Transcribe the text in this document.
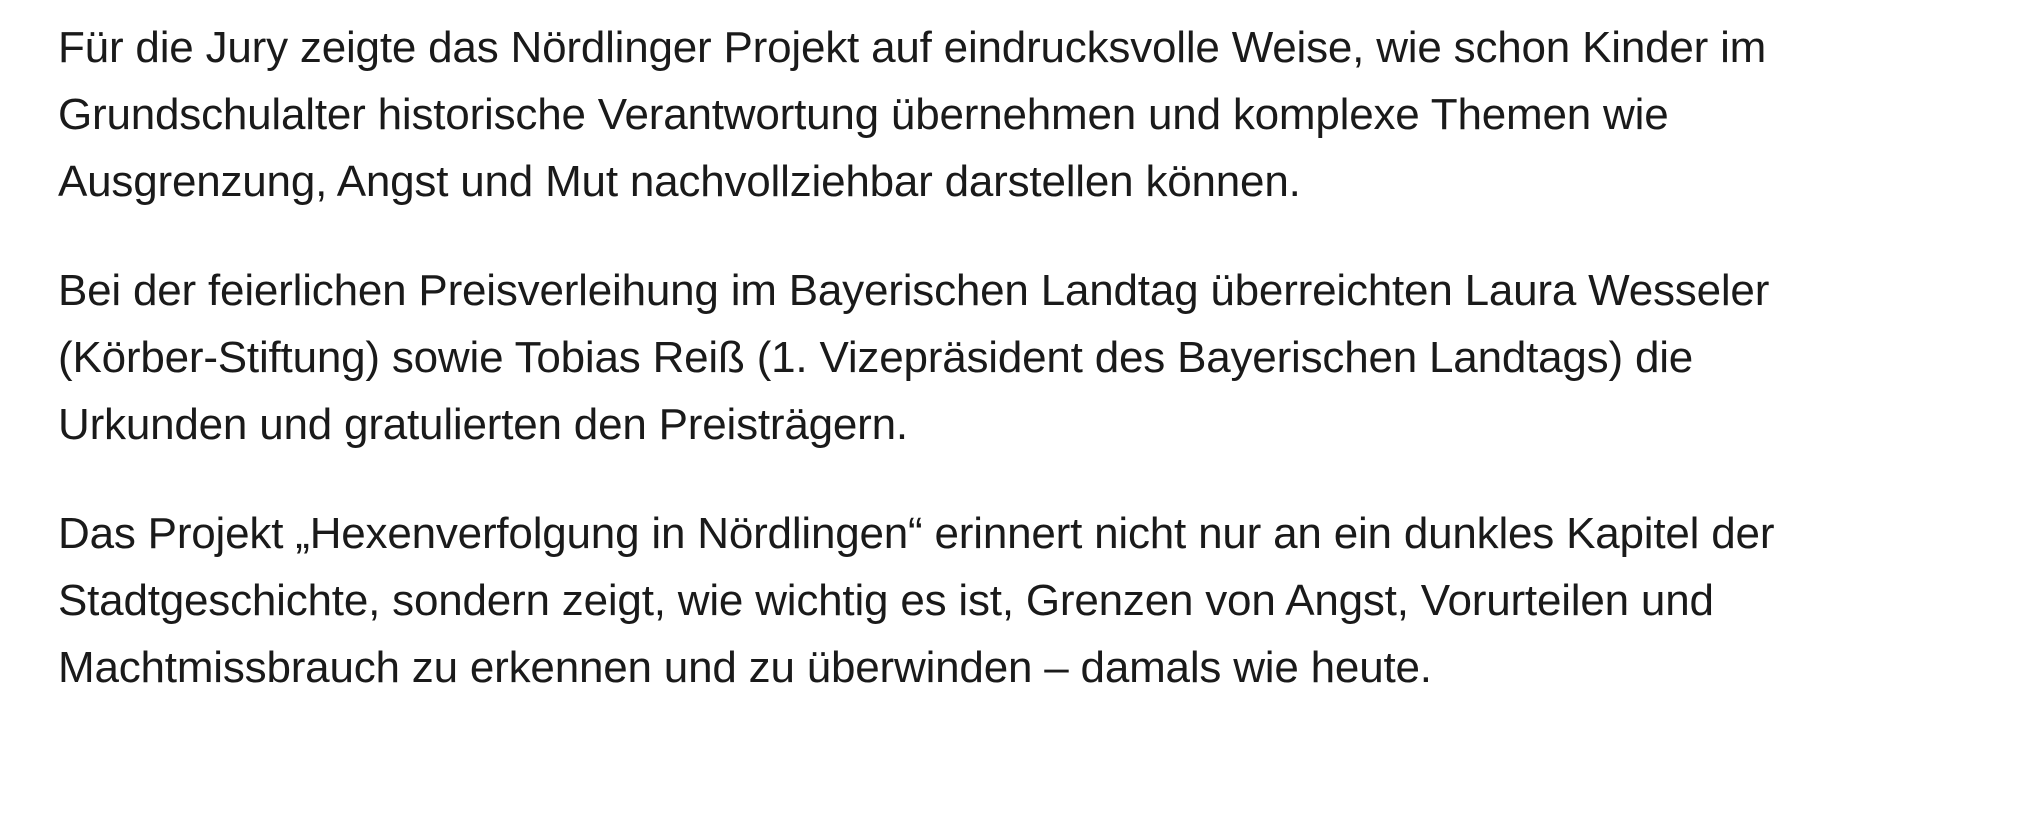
Für die Jury zeigte das Nördlinger Projekt auf eindrucksvolle Weise, wie schon Kinder im
Grundschulalter historische Verantwortung übernehmen und komplexe Themen wie
Ausgrenzung, Angst und Mut nachvollziehbar darstellen können.
Bei der feierlichen Preisverleihung im Bayerischen Landtag überreichten Laura Wesseler
(Körber-Stiftung) sowie Tobias Reiß (1. Vizepräsident des Bayerischen Landtags) die
Urkunden und gratulierten den Preisträgern.
Das Projekt „Hexenverfolgung in Nördlingen“ erinnert nicht nur an ein dunkles Kapitel der
Stadtgeschichte, sondern zeigt, wie wichtig es ist, Grenzen von Angst, Vorurteilen und
Machtmissbrauch zu erkennen und zu überwinden – damals wie heute.
